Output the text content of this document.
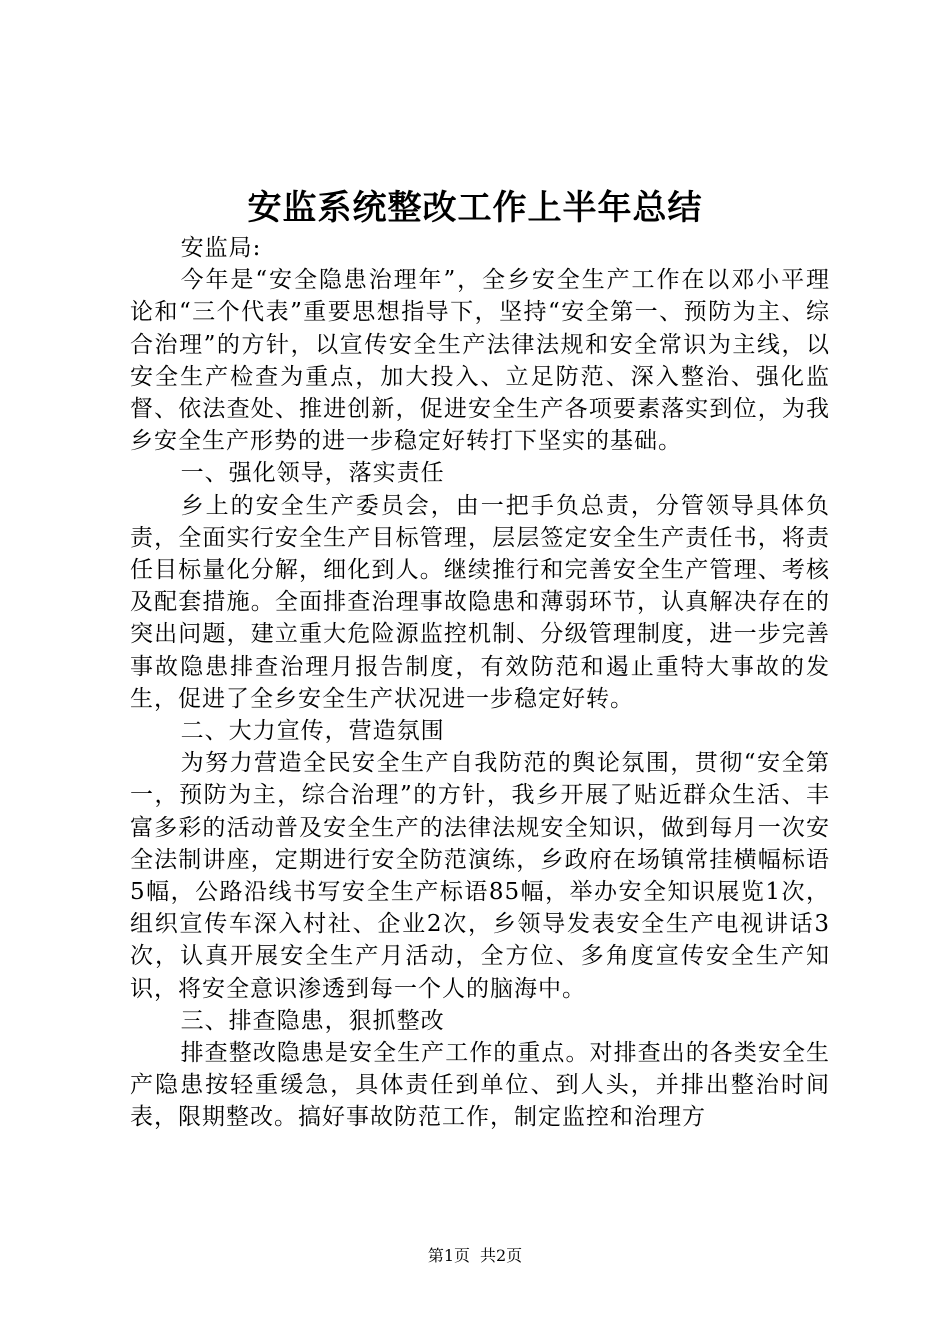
安监系统整改工作上半年总结

安监局:

今年是“安全隐患治理年”，全乡安全生产工作在以邓小平理论和“三个代表”重要思想指导下，坚持“安全第一、预防为主、综合治理”的方针，以宣传安全生产法律法规和安全常识为主线，以安全生产检查为重点，加大投入、立足防范、深入整治、强化监督、依法查处、推进创新，促进安全生产各项要素落实到位，为我乡安全生产形势的进一步稳定好转打下坚实的基础。

一、强化领导，落实责任

乡上的安全生产委员会，由一把手负总责，分管领导具体负责，全面实行安全生产目标管理，层层签定安全生产责任书，将责任目标量化分解，细化到人。继续推行和完善安全生产管理、考核及配套措施。全面排查治理事故隐患和薄弱环节，认真解决存在的突出问题，建立重大危险源监控机制、分级管理制度，进一步完善事故隐患排查治理月报告制度，有效防范和遏止重特大事故的发生，促进了全乡安全生产状况进一步稳定好转。

二、大力宣传，营造氛围

为努力营造全民安全生产自我防范的舆论氛围，贯彻“安全第一，预防为主，综合治理”的方针，我乡开展了贴近群众生活、丰富多彩的活动普及安全生产的法律法规安全知识，做到每月一次安全法制讲座，定期进行安全防范演练，乡政府在场镇常挂横幅标语5幅，公路沿线书写安全生产标语85幅，举办安全知识展览1次，组织宣传车深入村社、企业2次，乡领导发表安全生产电视讲话3次，认真开展安全生产月活动，全方位、多角度宣传安全生产知识，将安全意识渗透到每一个人的脑海中。

三、排查隐患，狠抓整改

排查整改隐患是安全生产工作的重点。对排查出的各类安全生产隐患按轻重缓急，具体责任到单位、到人头，并排出整治时间表，限期整改。搞好事故防范工作，制定监控和治理方

第1页 共2页
